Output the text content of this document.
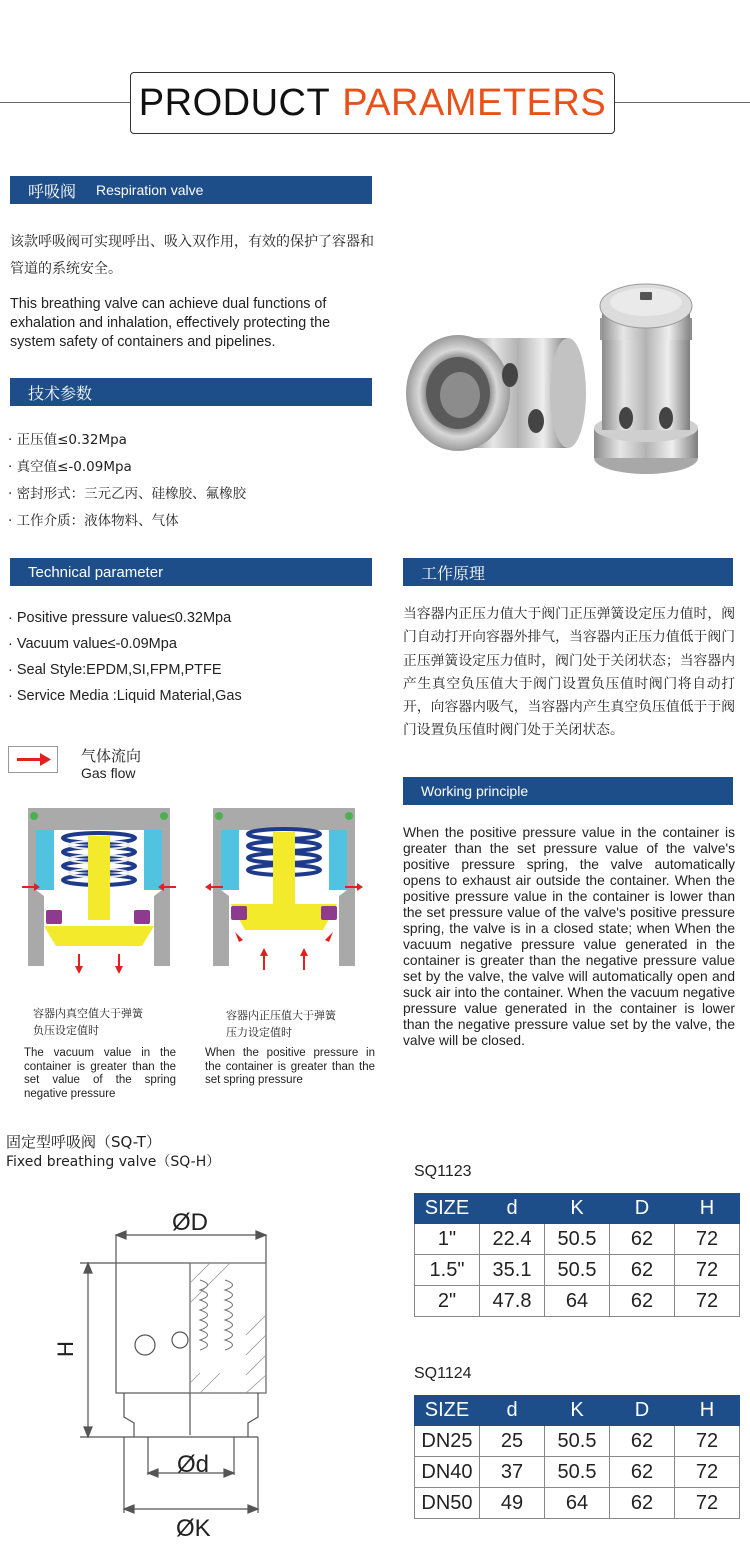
PRODUCT PARAMETERS
呼吸阀 Respiration valve
该款呼吸阀可实现呼出、吸入双作用，有效的保护了容器和管道的系统安全。
This breathing valve can achieve dual functions of exhalation and inhalation, effectively protecting the system safety of containers and pipelines.
技术参数
· 正压值≤0.32Mpa
· 真空值≤-0.09Mpa
· 密封形式：三元乙丙、硅橡胶、氟橡胶
· 工作介质：液体物料、气体
Technical parameter
· Positive pressure value≤0.32Mpa
· Vacuum value≤-0.09Mpa
· Seal Style:EPDM,SI,FPM,PTFE
· Service Media :Liquid Material,Gas
工作原理
当容器内正压力值大于阀门正压弹簧设定压力值时，阀门自动打开向容器外排气，当容器内正压力值低于阀门正压弹簧设定压力值时，阀门处于关闭状态；当容器内产生真空负压值大于阀门设置负压值时阀门将自动打开，向容器内吸气，当容器内产生真空负压值低于于阀门设置负压值时阀门处于关闭状态。
Working principle
When the positive pressure value in the container is greater than the set pressure value of the valve's positive pressure spring, the valve automatically opens to exhaust air outside the container. When the positive pressure value in the container is lower than the set pressure value of the valve's positive pressure spring, the valve is in a closed state; when When the vacuum negative pressure value generated in the container is greater than the negative pressure value set by the valve, the valve will automatically open and suck air into the container. When the vacuum negative pressure value generated in the container is lower than the negative pressure value set by the valve, the valve will be closed.
气体流向
Gas flow
容器内真空值大于弹簧负压设定值时
The vacuum value in the container is greater than the set value of the spring negative pressure
容器内正压值大于弹簧压力设定值时
When the positive pressure in the container is greater than the set spring pressure
固定型呼吸阀（SQ-T）
Fixed breathing valve（SQ-H）
ØD
H
Ød
ØK
SQ1123
SIZE	d	K	D	H
1"	22.4	50.5	62	72
1.5"	35.1	50.5	62	72
2"	47.8	64	62	72
SQ1124
SIZE	d	K	D	H
DN25	25	50.5	62	72
DN40	37	50.5	62	72
DN50	49	64	62	72
